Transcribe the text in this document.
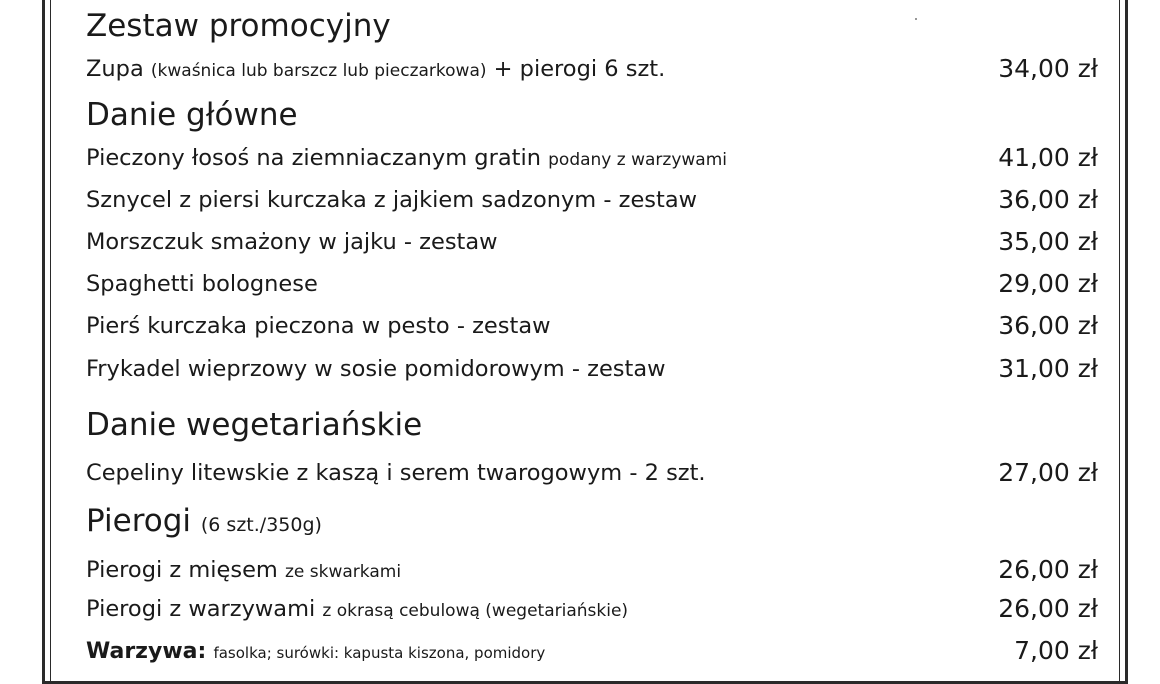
Zestaw promocyjny
Zupa (kwaśnica lub barszcz lub pieczarkowa) + pierogi 6 szt.	34,00 zł
Danie główne
Pieczony łosoś na ziemniaczanym gratin podany z warzywami	41,00 zł
Sznycel z piersi kurczaka z jajkiem sadzonym - zestaw	36,00 zł
Morszczuk smażony w jajku - zestaw	35,00 zł
Spaghetti bolognese	29,00 zł
Pierś kurczaka pieczona w pesto - zestaw	36,00 zł
Frykadel wieprzowy w sosie pomidorowym - zestaw	31,00 zł
Danie wegetariańskie
Cepeliny litewskie z kaszą i serem twarogowym - 2 szt.	27,00 zł
Pierogi (6 szt./350g)
Pierogi z mięsem ze skwarkami	26,00 zł
Pierogi z warzywami z okrasą cebulową (wegetariańskie)	26,00 zł
Warzywa: fasolka; surówki: kapusta kiszona, pomidory	7,00 zł
